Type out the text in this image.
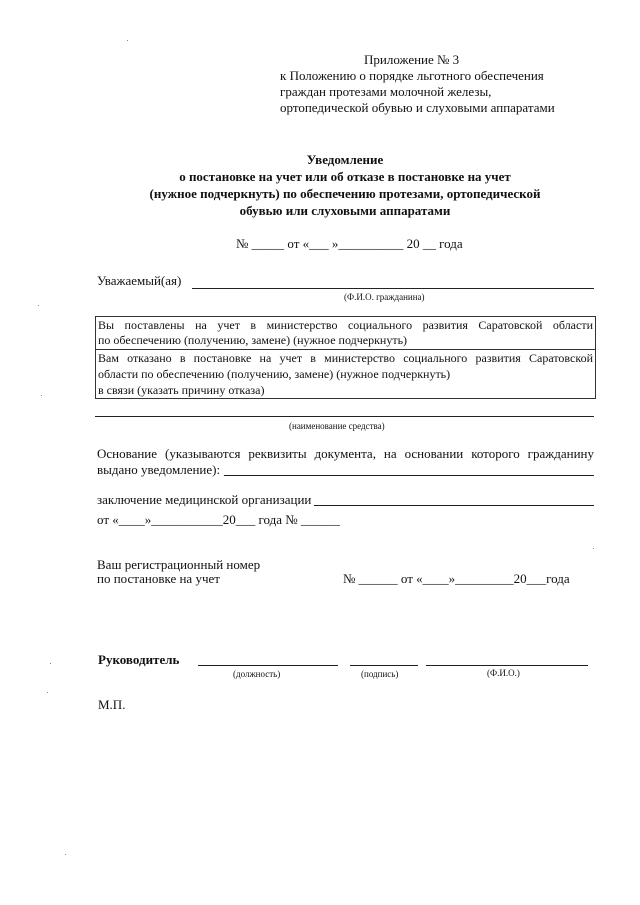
Приложение № 3
к Положению о порядке льготного обеспечения
граждан протезами молочной железы,
ортопедической обувью и слуховыми аппаратами
Уведомление
о постановке на учет или об отказе в постановке на учет
(нужное подчеркнуть) по обеспечению протезами, ортопедической
обувью или слуховыми аппаратами
№ _____ от «___ »__________ 20 __ года
Уважаемый(ая)
(Ф.И.О. гражданина)
Вы поставлены на учет в министерство социального развития Саратовской области
по обеспечению (получению, замене) (нужное подчеркнуть)
Вам отказано в постановке на учет в министерство социального развития Саратовской
области по обеспечению (получению, замене) (нужное подчеркнуть)
в связи (указать причину отказа)
(наименование средства)
Основание (указываются реквизиты документа, на основании которого гражданину
выдано уведомление):
заключение медицинской организации
от «____»___________20___ года № ______
Ваш регистрационный номер
по постановке на учет	№ ______ от «____»_________20___года
Руководитель
(должность)	(подпись)	(Ф.И.О.)
М.П.
